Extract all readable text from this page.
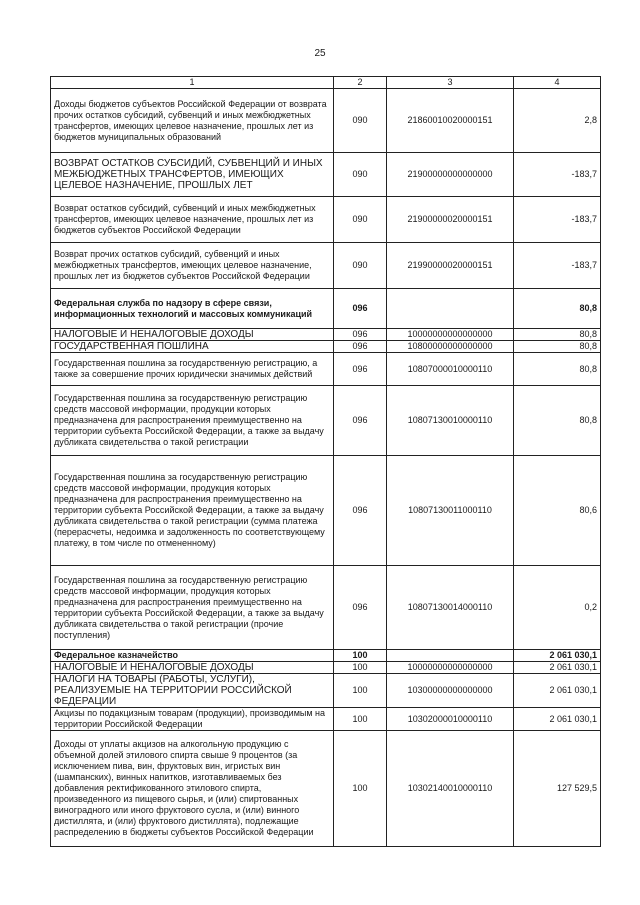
25
1	2	3	4
Доходы бюджетов субъектов Российской Федерации от возврата прочих остатков субсидий, субвенций и иных межбюджетных трансфертов, имеющих целевое назначение, прошлых лет из бюджетов муниципальных образований	090	21860010020000151	2,8
ВОЗВРАТ ОСТАТКОВ СУБСИДИЙ, СУБВЕНЦИЙ И ИНЫХ МЕЖБЮДЖЕТНЫХ ТРАНСФЕРТОВ, ИМЕЮЩИХ ЦЕЛЕВОЕ НАЗНАЧЕНИЕ, ПРОШЛЫХ ЛЕТ	090	21900000000000000	-183,7
Возврат остатков субсидий, субвенций и иных межбюджетных трансфертов, имеющих целевое назначение, прошлых лет из бюджетов субъектов Российской Федерации	090	21900000020000151	-183,7
Возврат прочих остатков субсидий, субвенций и иных межбюджетных трансфертов, имеющих целевое назначение, прошлых лет из бюджетов субъектов Российской Федерации	090	21990000020000151	-183,7
Федеральная служба по надзору в сфере связи, информационных технологий и массовых коммуникаций	096		80,8
НАЛОГОВЫЕ И НЕНАЛОГОВЫЕ ДОХОДЫ	096	10000000000000000	80,8
ГОСУДАРСТВЕННАЯ ПОШЛИНА	096	10800000000000000	80,8
Государственная пошлина за государственную регистрацию, а также за совершение прочих юридически значимых действий	096	10807000010000110	80,8
Государственная пошлина за государственную регистрацию средств массовой информации, продукции которых предназначена для распространения преимущественно на территории субъекта Российской Федерации, а также за выдачу дубликата свидетельства о такой регистрации	096	10807130010000110	80,8
Государственная пошлина за государственную регистрацию средств массовой информации, продукция которых предназначена для распространения преимущественно на территории субъекта Российской Федерации, а также за выдачу дубликата свидетельства о такой регистрации (сумма платежа (перерасчеты, недоимка и задолженность по соответствующему платежу, в том числе по отмененному)	096	10807130011000110	80,6
Государственная пошлина за государственную регистрацию средств массовой информации, продукция которых предназначена для распространения преимущественно на территории субъекта Российской Федерации, а также за выдачу дубликата свидетельства о такой регистрации (прочие поступления)	096	10807130014000110	0,2
Федеральное казначейство	100		2 061 030,1
НАЛОГОВЫЕ И НЕНАЛОГОВЫЕ ДОХОДЫ	100	10000000000000000	2 061 030,1
НАЛОГИ НА ТОВАРЫ (РАБОТЫ, УСЛУГИ), РЕАЛИЗУЕМЫЕ НА ТЕРРИТОРИИ РОССИЙСКОЙ ФЕДЕРАЦИИ	100	10300000000000000	2 061 030,1
Акцизы по подакцизным товарам (продукции), производимым на территории Российской Федерации	100	10302000010000110	2 061 030,1
Доходы от уплаты акцизов на алкогольную продукцию с объемной долей этилового спирта свыше 9 процентов (за исключением пива, вин, фруктовых вин, игристых вин (шампанских), винных напитков, изготавливаемых без добавления ректификованного этилового спирта, произведенного из пищевого сырья, и (или) спиртованных виноградного или иного фруктового сусла, и (или) винного дистиллята, и (или) фруктового дистиллята), подлежащие распределению в бюджеты субъектов Российской Федерации	100	10302140010000110	127 529,5
